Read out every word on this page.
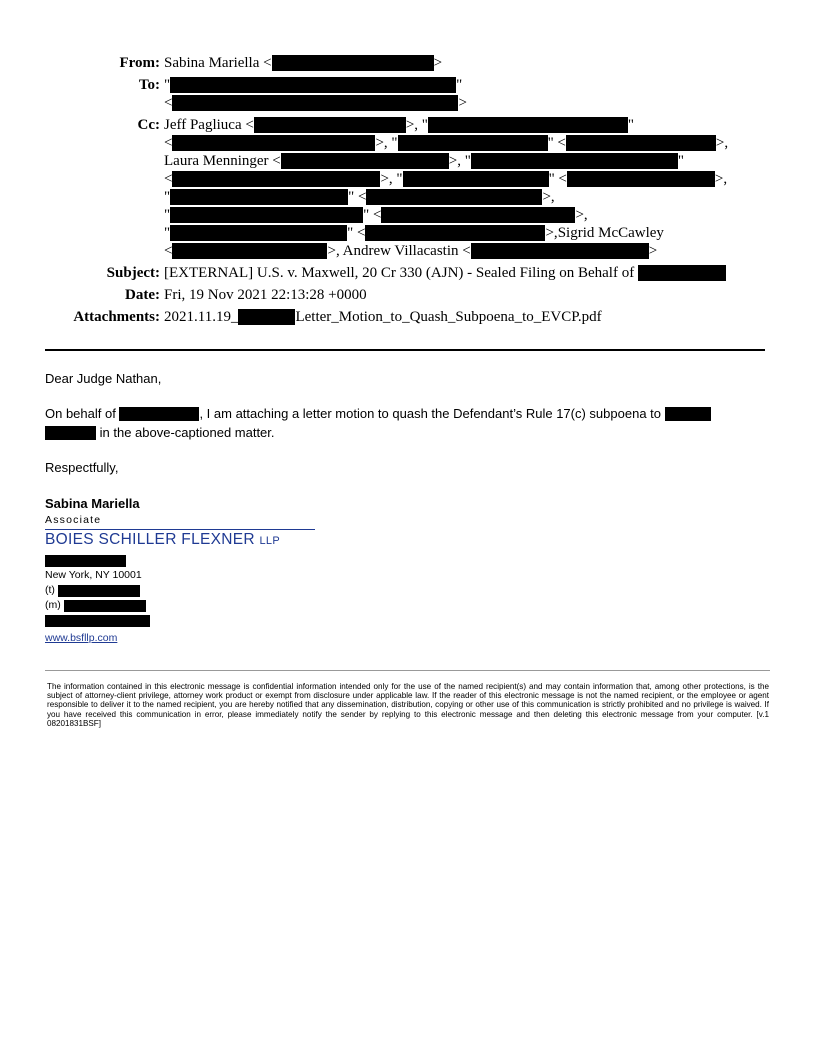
From: Sabina Mariella <	>
To: "	"
<	>
Cc: Jeff Pagliuca <	>, "	"
<	>, "	" <	>,
Laura Menninger <	>, "	"
<	>, "	" <	>,
"	" <	>,
"	" <	>,
"	" <	>,Sigrid McCawley
<	>, Andrew Villacastin <	>
Subject: [EXTERNAL] U.S. v. Maxwell, 20 Cr 330 (AJN) - Sealed Filing on Behalf of
Date: Fri, 19 Nov 2021 22:13:28 +0000
Attachments: 2021.11.19_	Letter_Motion_to_Quash_Subpoena_to_EVCP.pdf
Dear Judge Nathan,
On behalf of	, I am attaching a letter motion to quash the Defendant’s Rule 17(c) subpoena to
in the above-captioned matter.
Respectfully,
Sabina Mariella
Associate
BOIES SCHILLER FLEXNER LLP
New York, NY 10001
(t)
(m)
www.bsfllp.com
The information contained in this electronic message is confidential information intended only for the use of the named recipient(s) and may contain information that, among other protections, is the subject of attorney-client privilege, attorney work product or exempt from disclosure under applicable law. If the reader of this electronic message is not the named recipient, or the employee or agent responsible to deliver it to the named recipient, you are hereby notified that any dissemination, distribution, copying or other use of this communication is strictly prohibited and no privilege is waived. If you have received this communication in error, please immediately notify the sender by replying to this electronic message and then deleting this electronic message from your computer. [v.1 08201831BSF]
